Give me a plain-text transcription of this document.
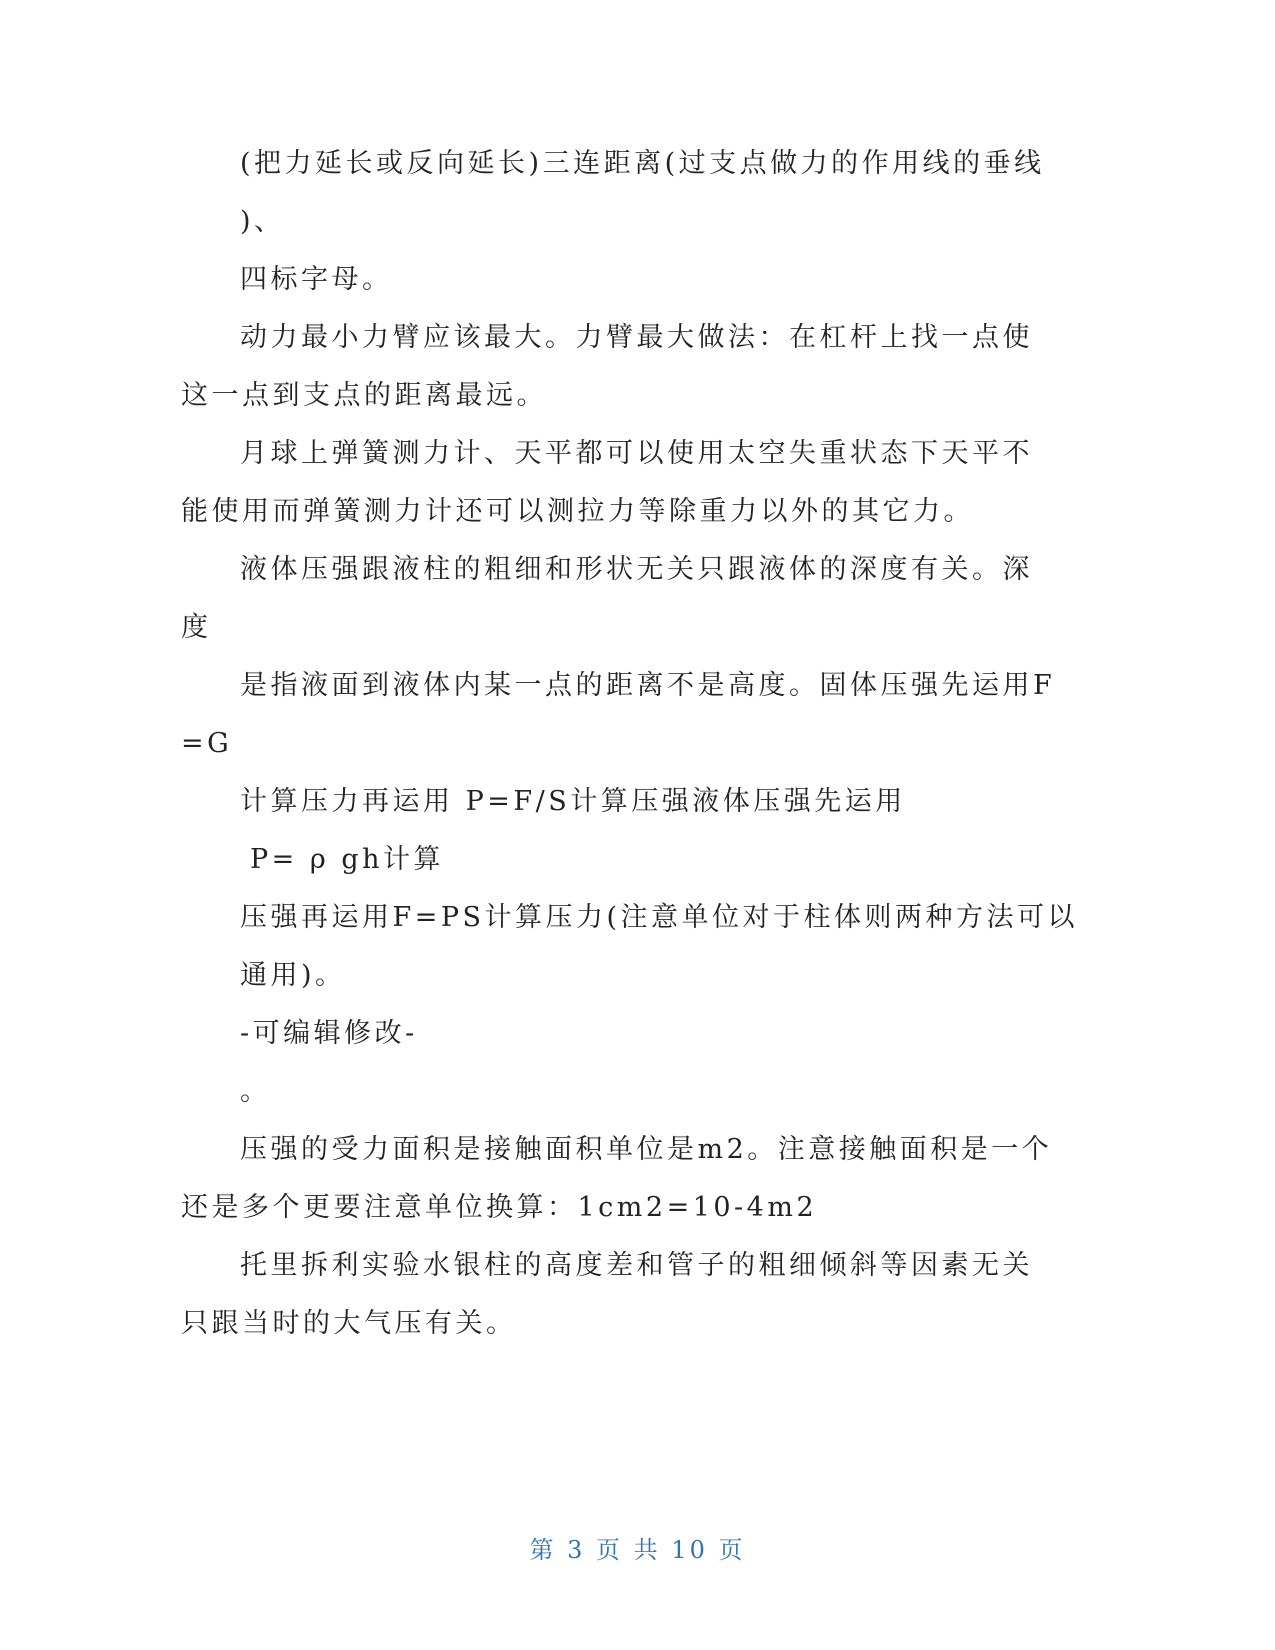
(把力延长或反向延长)三连距离(过支点做力的作用线的垂线
)、
四标字母。
动力最小力臂应该最大。力臂最大做法：在杠杆上找一点使
这一点到支点的距离最远。
月球上弹簧测力计、天平都可以使用太空失重状态下天平不
能使用而弹簧测力计还可以测拉力等除重力以外的其它力。
液体压强跟液柱的粗细和形状无关只跟液体的深度有关。深
度
是指液面到液体内某一点的距离不是高度。固体压强先运用F
=G
计算压力再运用 P=F/S计算压强液体压强先运用
P= ρ gh计算
压强再运用F=PS计算压力(注意单位对于柱体则两种方法可以
通用)。
-可编辑修改-
。
压强的受力面积是接触面积单位是m2。注意接触面积是一个
还是多个更要注意单位换算：1cm2=10-4m2
托里拆利实验水银柱的高度差和管子的粗细倾斜等因素无关
只跟当时的大气压有关。
第 3 页 共 10 页
